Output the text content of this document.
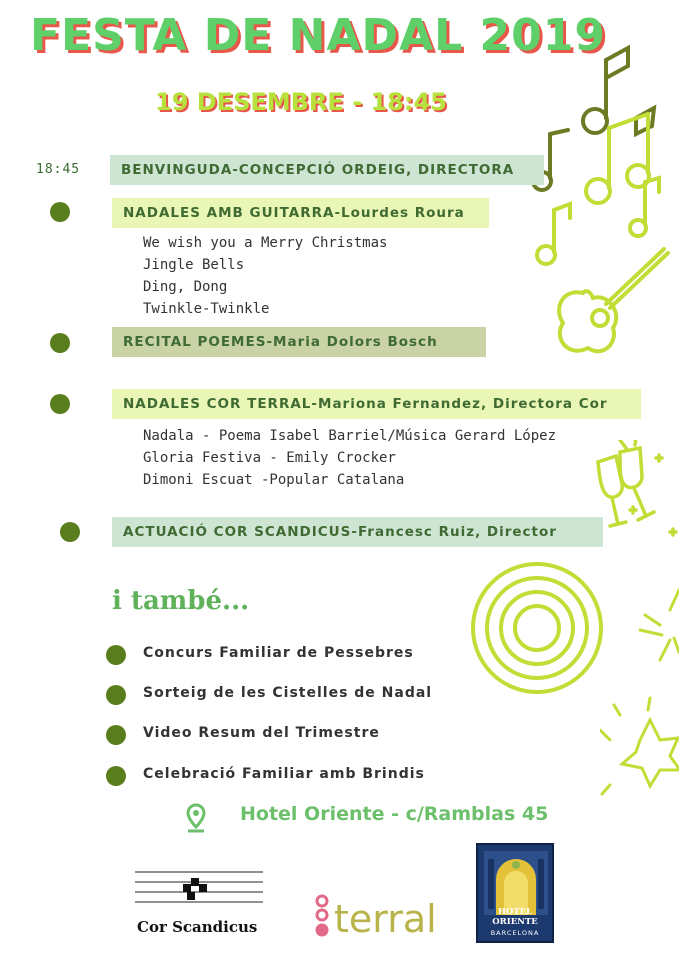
FESTA DE NADAL 2019
19 DESEMBRE - 18:45
18:45	BENVINGUDA - CONCEPCIÓ ORDEIG, DIRECTORA
NADALES AMB GUITARRA - Lourdes Roura
We wish you a Merry Christmas
Jingle Bells
Ding, Dong
Twinkle-Twinkle
RECITAL POEMES - Maria Dolors Bosch
NADALES COR TERRAL - Mariona Fernandez, Directora Cor
Nadala - Poema Isabel Barriel/Música Gerard López
Gloria Festiva - Emily Crocker
Dimoni Escuat -Popular Catalana
ACTUACIÓ COR SCANDICUS - Francesc Ruiz, Director
i també...
Concurs Familiar de Pessebres
Sorteig de les Cistelles de Nadal
Video Resum del Trimestre
Celebració Familiar amb Brindis
Hotel Oriente - c/Ramblas 45
Cor Scandicus terral	HOTEL ORIENTE
BARCELONA
